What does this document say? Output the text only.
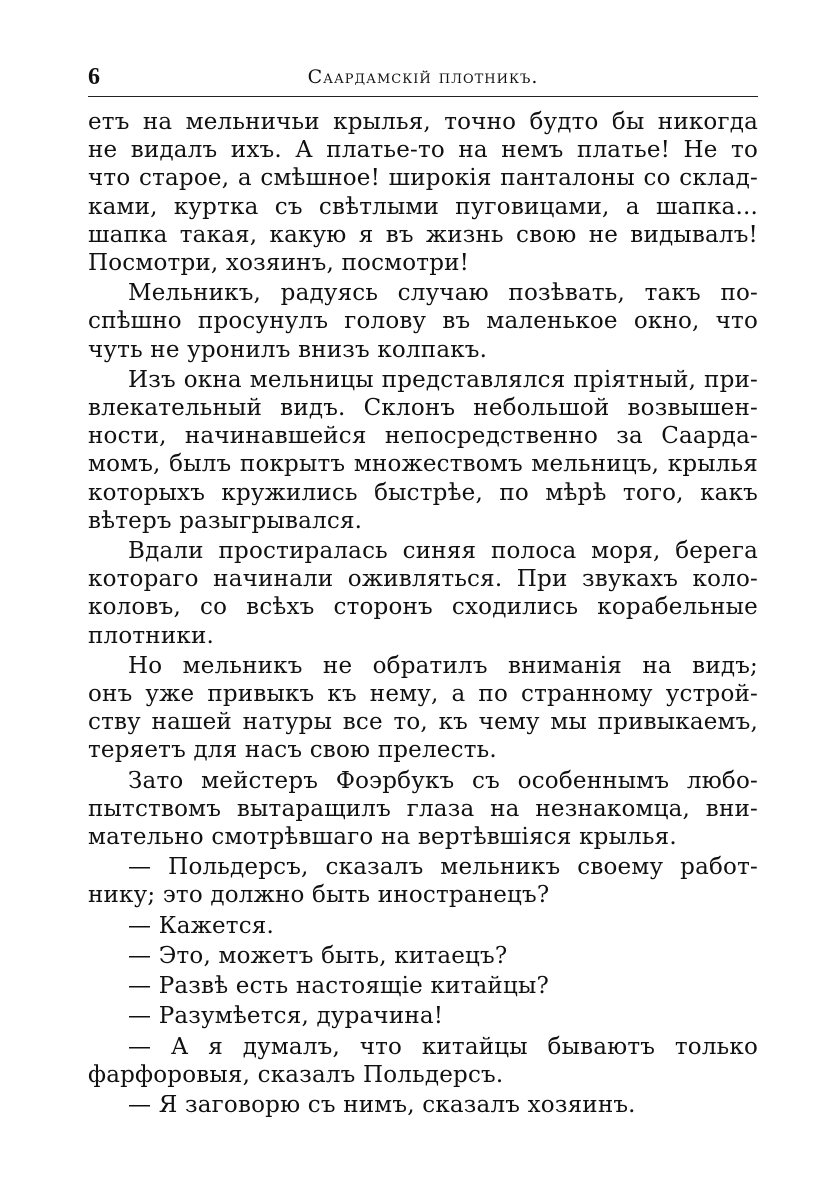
6	Саардамскій плотникъ.
етъ на мельничьи крылья, точно будто бы никогда
не видалъ ихъ. А платье-то на немъ платье! Не то
что старое, а смѣшное! широкія панталоны со склад-
ками, куртка съ свѣтлыми пуговицами, а шапка...
шапка такая, какую я въ жизнь свою не видывалъ!
Посмотри, хозяинъ, посмотри!
Мельникъ, радуясь случаю позѣвать, такъ по-
спѣшно просунулъ голову въ маленькое окно, что
чуть не уронилъ внизъ колпакъ.
Изъ окна мельницы представлялся пріятный, при-
влекательный видъ. Склонъ небольшой возвышен-
ности, начинавшейся непосредственно за Саарда-
момъ, былъ покрытъ множествомъ мельницъ, крылья
которыхъ кружились быстрѣе, по мѣрѣ того, какъ
вѣтеръ разыгрывался.
Вдали простиралась синяя полоса моря, берега
котораго начинали оживляться. При звукахъ коло-
коловъ, со всѣхъ сторонъ сходились корабельные
плотники.
Но мельникъ не обратилъ вниманія на видъ;
онъ уже привыкъ къ нему, а по странному устрой-
ству нашей натуры все то, къ чему мы привыкаемъ,
теряетъ для насъ свою прелесть.
Зато мейстеръ Фоэрбукъ съ особеннымъ любо-
пытствомъ вытаращилъ глаза на незнакомца, вни-
мательно смотрѣвшаго на вертѣвшіяся крылья.
— Польдерсъ, сказалъ мельникъ своему работ-
нику; это должно быть иностранецъ?
— Кажется.
— Это, можетъ быть, китаецъ?
— Развѣ есть настоящіе китайцы?
— Разумѣется, дурачина!
— А я думалъ, что китайцы бываютъ только
фарфоровыя, сказалъ Польдерсъ.
— Я заговорю съ нимъ, сказалъ хозяинъ.
